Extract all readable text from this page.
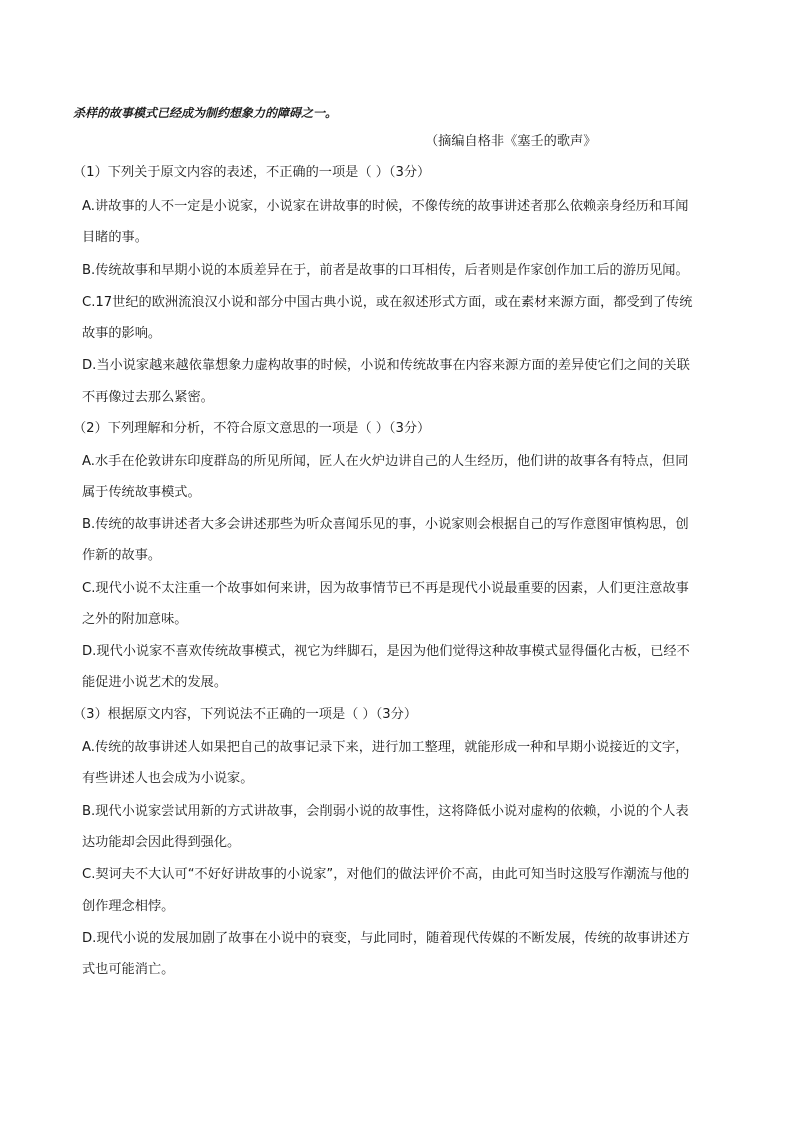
杀样的故事模式已经成为制约想象力的障碍之一。
（摘编自格非《塞壬的歌声》
（1）下列关于原文内容的表述，不正确的一项是（ ）（3分）
A.讲故事的人不一定是小说家，小说家在讲故事的时候，不像传统的故事讲述者那么依赖亲身经历和耳闻
目睹的事。
B.传统故事和早期小说的本质差异在于，前者是故事的口耳相传，后者则是作家创作加工后的游历见闻。
C.17世纪的欧洲流浪汉小说和部分中国古典小说，或在叙述形式方面，或在素材来源方面，都受到了传统
故事的影响。
D.当小说家越来越依靠想象力虚构故事的时候，小说和传统故事在内容来源方面的差异使它们之间的关联
不再像过去那么紧密。
（2）下列理解和分析，不符合原文意思的一项是（ ）（3分）
A.水手在伦敦讲东印度群岛的所见所闻，匠人在火炉边讲自己的人生经历，他们讲的故事各有特点，但同
属于传统故事模式。
B.传统的故事讲述者大多会讲述那些为听众喜闻乐见的事，小说家则会根据自己的写作意图审慎构思，创
作新的故事。
C.现代小说不太注重一个故事如何来讲，因为故事情节已不再是现代小说最重要的因素，人们更注意故事
之外的附加意味。
D.现代小说家不喜欢传统故事模式，视它为绊脚石，是因为他们觉得这种故事模式显得僵化古板，已经不
能促进小说艺术的发展。
（3）根据原文内容，下列说法不正确的一项是（ ）（3分）
A.传统的故事讲述人如果把自己的故事记录下来，进行加工整理，就能形成一种和早期小说接近的文字，
有些讲述人也会成为小说家。
B.现代小说家尝试用新的方式讲故事，会削弱小说的故事性，这将降低小说对虚构的依赖，小说的个人表
达功能却会因此得到强化。
C.契诃夫不大认可“不好好讲故事的小说家”，对他们的做法评价不高，由此可知当时这股写作潮流与他的
创作理念相悖。
D.现代小说的发展加剧了故事在小说中的衰变，与此同时，随着现代传媒的不断发展，传统的故事讲述方
式也可能消亡。
